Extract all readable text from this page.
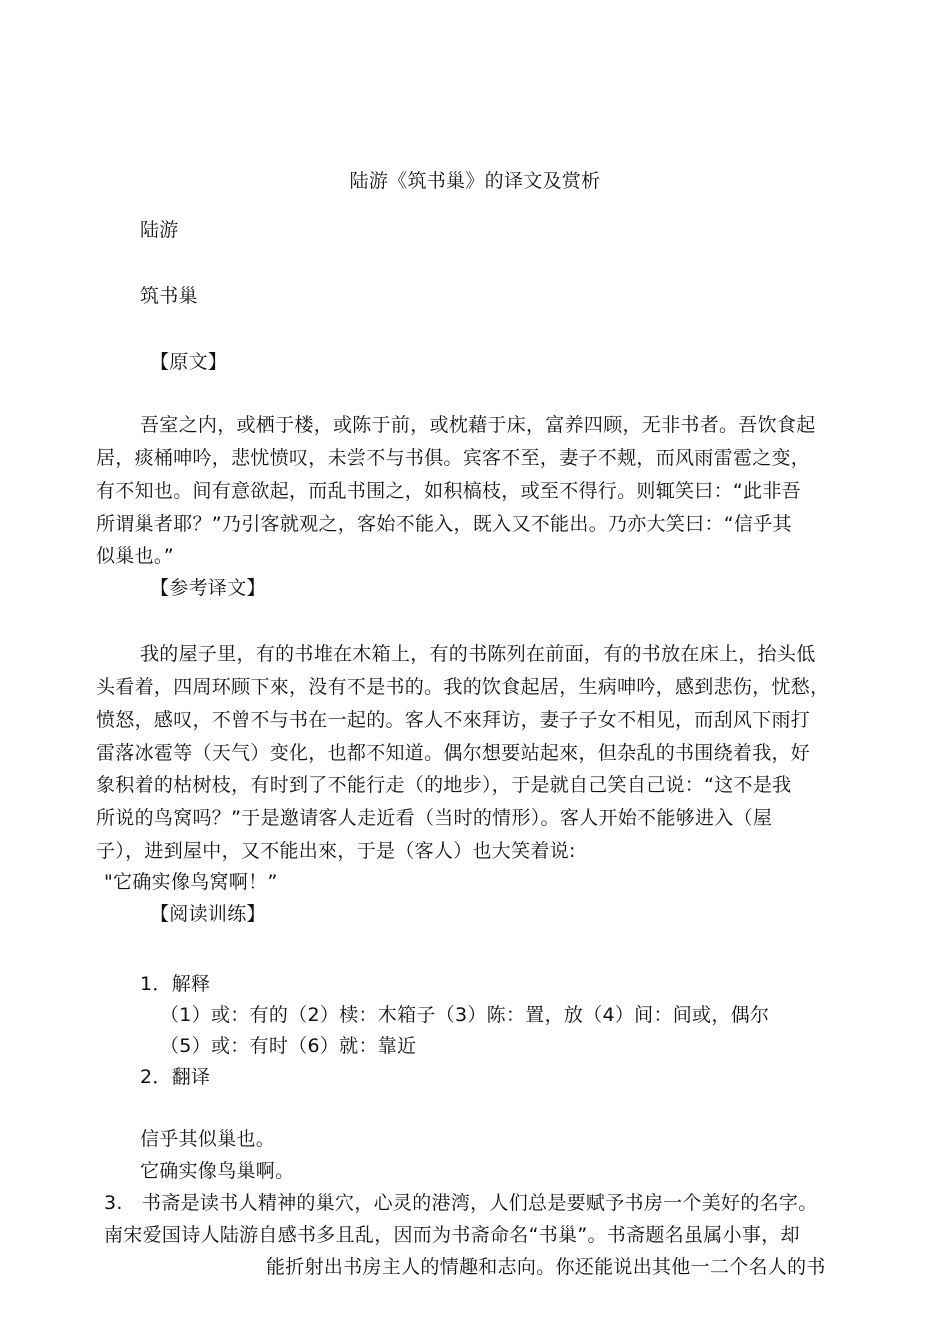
陆游《筑书巢》的译文及赏析
陆游
筑书巢
【原文】
吾室之内，或栖于楼，或陈于前，或枕藉于床，富养四顾，无非书者。吾饮食起
居，痰桶呻吟，悲忧愤叹，未尝不与书俱。宾客不至，妻子不觌，而风雨雷雹之变，
有不知也。间有意欲起，而乱书围之，如积槁枝，或至不得行。则辄笑曰：“此非吾
所谓巢者耶？”乃引客就观之，客始不能入，既入又不能出。乃亦大笑曰：“信乎其
似巢也。”
【参考译文】
我的屋子里，有的书堆在木箱上，有的书陈列在前面，有的书放在床上，抬头低
头看着，四周环顾下來，没有不是书的。我的饮食起居，生病呻吟，感到悲伤，忧愁，
愤怒，感叹，不曾不与书在一起的。客人不來拜访，妻子子女不相见，而刮风下雨打
雷落冰雹等（天气）变化，也都不知道。偶尔想要站起來，但杂乱的书围绕着我，好
象积着的枯树枝，有时到了不能行走（的地步），于是就自己笑自己说：“这不是我
所说的鸟窝吗？”于是邀请客人走近看（当时的情形）。客人开始不能够进入（屋
子），进到屋中，又不能出來，于是（客人）也大笑着说:
"它确实像鸟窝啊！”
【阅读训练】
1．解释
（1）或：有的（2）椟：木箱子（3）陈：置，放（4）间：间或，偶尔
（5）或：有时（6）就：靠近
2．翻译
信乎其似巢也。
它确实像鸟巢啊。
3.　书斋是读书人精神的巢穴，心灵的港湾，人们总是要赋予书房一个美好的名字。
南宋爱国诗人陆游自感书多且乱，因而为书斋命名“书巢”。书斋题名虽属小事，却
能折射出书房主人的情趣和志向。你还能说出其他一二个名人的书
